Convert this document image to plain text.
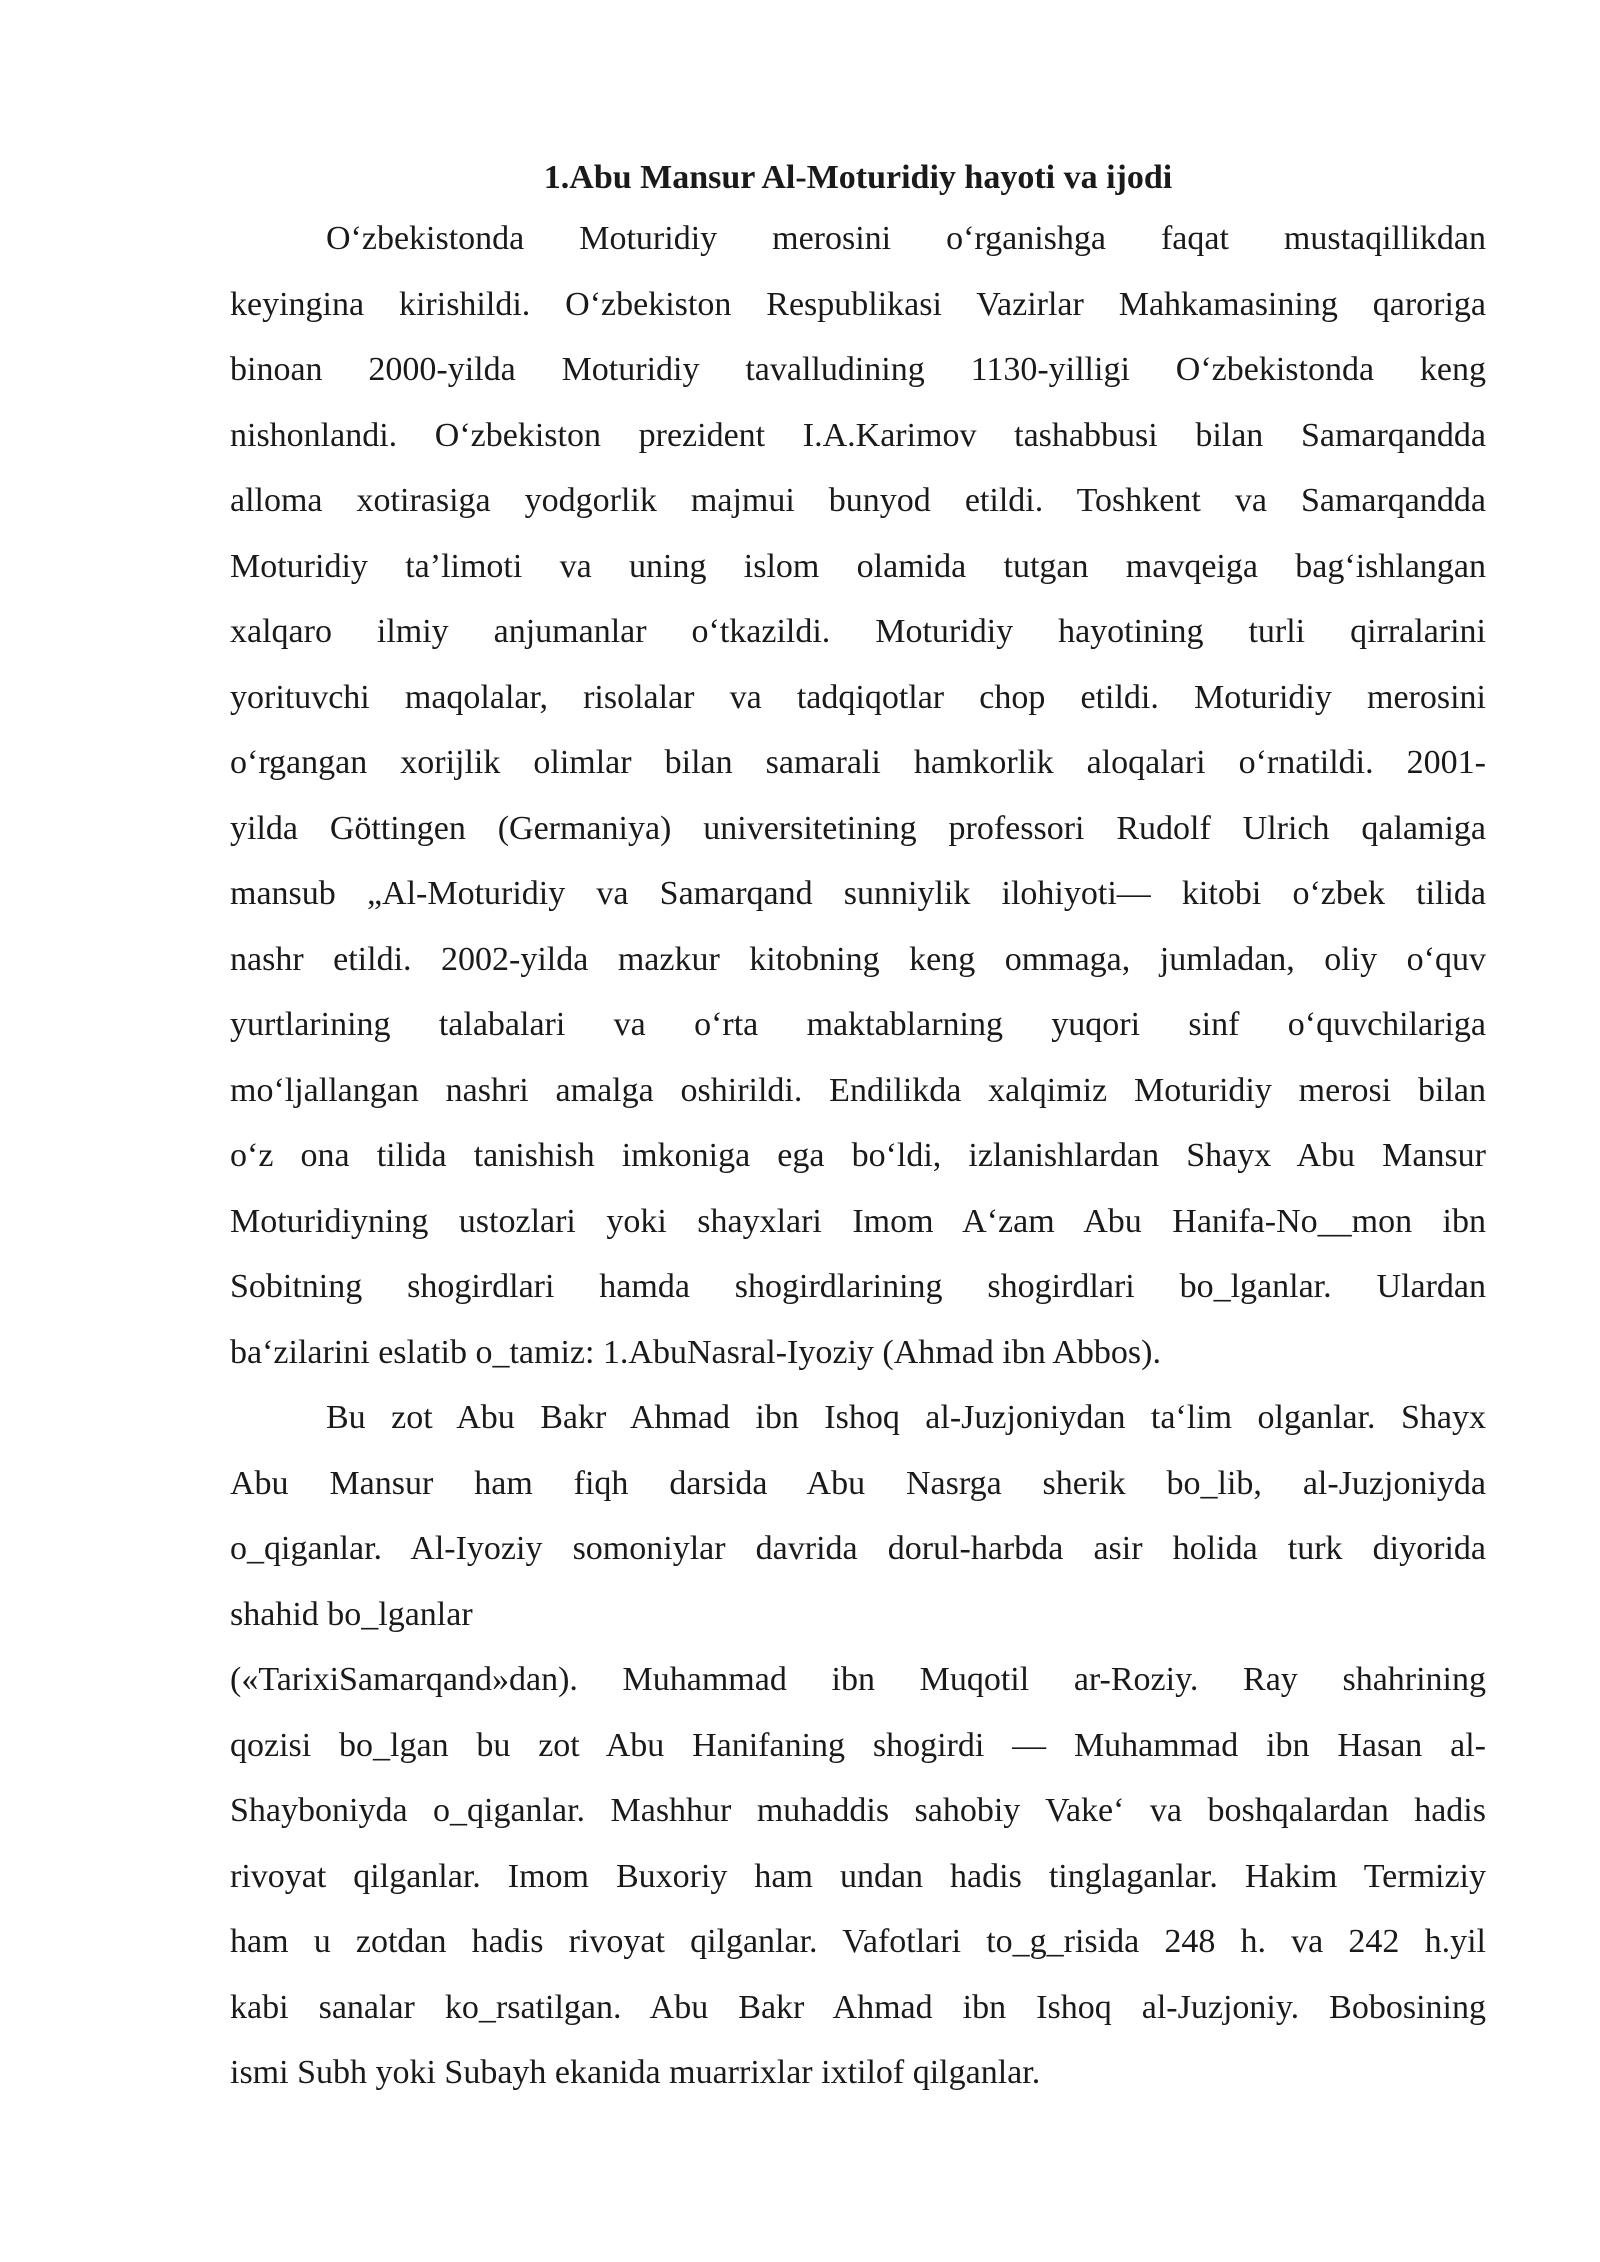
1.Abu Mansur Al-Moturidiy hayoti va ijodi
O‘zbekistonda Moturidiy merosini o‘rganishga faqat mustaqillikdan
keyingina kirishildi. O‘zbekiston Respublikasi Vazirlar Mahkamasining qaroriga
binoan 2000-yilda Moturidiy tavalludining 1130-yilligi O‘zbekistonda keng
nishonlandi. O‘zbekiston prezident I.A.Karimov tashabbusi bilan Samarqandda
alloma xotirasiga yodgorlik majmui bunyod etildi. Toshkent va Samarqandda
Moturidiy ta’limoti va uning islom olamida tutgan mavqeiga bag‘ishlangan
xalqaro ilmiy anjumanlar o‘tkazildi. Moturidiy hayotining turli qirralarini
yorituvchi maqolalar, risolalar va tadqiqotlar chop etildi. Moturidiy merosini
o‘rgangan xorijlik olimlar bilan samarali hamkorlik aloqalari o‘rnatildi. 2001-
yilda Göttingen (Germaniya) universitetining professori Rudolf Ulrich qalamiga
mansub „Al-Moturidiy va Samarqand sunniylik ilohiyoti— kitobi o‘zbek tilida
nashr etildi. 2002-yilda mazkur kitobning keng ommaga, jumladan, oliy o‘quv
yurtlarining talabalari va o‘rta maktablarning yuqori sinf o‘quvchilariga
mo‘ljallangan nashri amalga oshirildi. Endilikda xalqimiz Moturidiy merosi bilan
o‘z ona tilida tanishish imkoniga ega bo‘ldi, izlanishlardan Shayx Abu Mansur
Moturidiyning ustozlari yoki shayxlari Imom A‘zam Abu Hanifa-No__mon ibn
Sobitning shogirdlari hamda shogirdlarining shogirdlari bo_lganlar. Ulardan
ba‘zilarini eslatib o_tamiz: 1.AbuNasral-Iyoziy (Ahmad ibn Abbos).
Bu zot Abu Bakr Ahmad ibn Ishoq al-Juzjoniydan ta‘lim olganlar. Shayx
Abu Mansur ham fiqh darsida Abu Nasrga sherik bo_lib, al-Juzjoniyda
o_qiganlar. Al-Iyoziy somoniylar davrida dorul-harbda asir holida turk diyorida
shahid bo_lganlar
(«TarixiSamarqand»dan). Muhammad ibn Muqotil ar-Roziy. Ray shahrining
qozisi bo_lgan bu zot Abu Hanifaning shogirdi — Muhammad ibn Hasan al-
Shayboniyda o_qiganlar. Mashhur muhaddis sahobiy Vake‘ va boshqalardan hadis
rivoyat qilganlar. Imom Buxoriy ham undan hadis tinglaganlar. Hakim Termiziy
ham u zotdan hadis rivoyat qilganlar. Vafotlari to_g_risida 248 h. va 242 h.yil
kabi sanalar ko_rsatilgan. Abu Bakr Ahmad ibn Ishoq al-Juzjoniy. Bobosining
ismi Subh yoki Subayh ekanida muarrixlar ixtilof qilganlar.
